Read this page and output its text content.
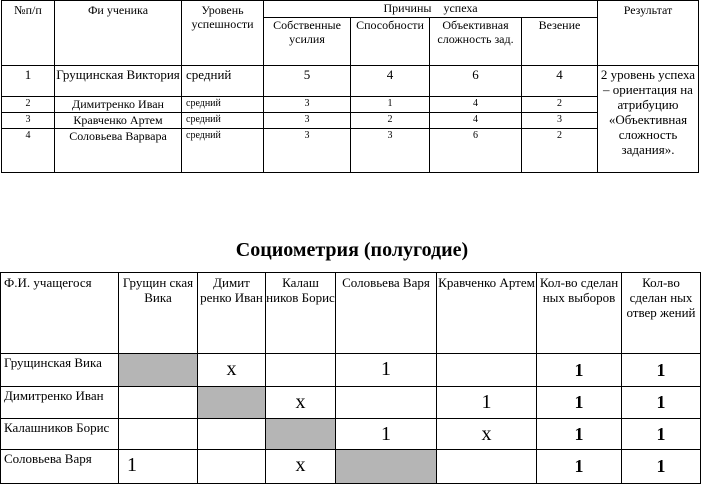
№п/п	Фи ученика	Уровень успешности	Причины    успеха				Результат
			Собственные усилия	Способности	Объективная сложность зад.	Везение	
1	Грущинская Виктория	средний	5	4	6	4	2 уровень успеха – ориентация на атрибуцию «Объективная сложность задания».
2	Димитренко Иван	средний	3	1	4	2	
3	Кравченко Артем	средний	3	2	4	3	
4	Соловьева Варвара	средний	3	3	6	2	
Социометрия (полугодие)
Ф.И. учащегося	Грущин ская Вика	Димит ренко Иван	Калаш ников Борис	Соловьева Варя	Кравченко Артем	Кол-во сделан ных выборов	Кол-во сделан ных отвер жений
Грущинская Вика		х		1		1	1
Димитренко Иван			х		1	1	1
Калашников Борис				1	х	1	1
Соловьева Варя	1		х			1	1
